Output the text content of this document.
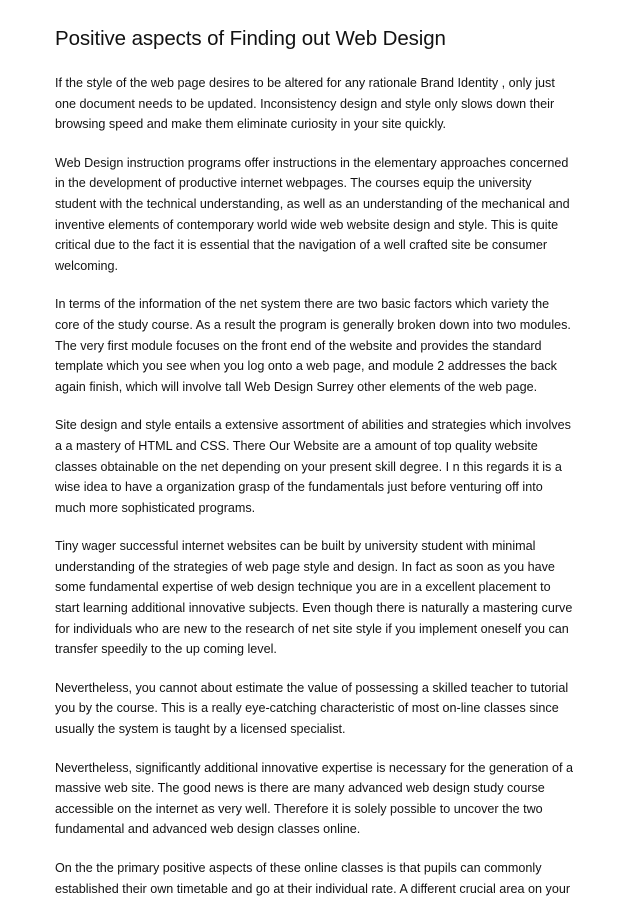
Positive aspects of Finding out Web Design
If the style of the web page desires to be altered for any rationale Brand Identity , only just
one document needs to be updated. Inconsistency design and style only slows down their
browsing speed and make them eliminate curiosity in your site quickly.
Web Design instruction programs offer instructions in the elementary approaches concerned
in the development of productive internet webpages. The courses equip the university
student with the technical understanding, as well as an understanding of the mechanical and
inventive elements of contemporary world wide web website design and style. This is quite
critical due to the fact it is essential that the navigation of a well crafted site be consumer
welcoming.
In terms of the information of the net system there are two basic factors which variety the
core of the study course. As a result the program is generally broken down into two modules.
The very first module focuses on the front end of the website and provides the standard
template which you see when you log onto a web page, and module 2 addresses the back
again finish, which will involve tall Web Design Surrey other elements of the web page.
Site design and style entails a extensive assortment of abilities and strategies which involves
a a mastery of HTML and CSS. There Our Website are a amount of top quality website
classes obtainable on the net depending on your present skill degree. I n this regards it is a
wise idea to have a organization grasp of the fundamentals just before venturing off into
much more sophisticated programs.
Tiny wager successful internet websites can be built by university student with minimal
understanding of the strategies of web page style and design. In fact as soon as you have
some fundamental expertise of web design technique you are in a excellent placement to
start learning additional innovative subjects. Even though there is naturally a mastering curve
for individuals who are new to the research of net site style if you implement oneself you can
transfer speedily to the up coming level.
Nevertheless, you cannot about estimate the value of possessing a skilled teacher to tutorial
you by the course. This is a really eye-catching characteristic of most on-line classes since
usually the system is taught by a licensed specialist.
Nevertheless, significantly additional innovative expertise is necessary for the generation of a
massive web site. The good news is there are many advanced web design study course
accessible on the internet as very well. Therefore it is solely possible to uncover the two
fundamental and advanced web design classes online.
On the the primary positive aspects of these online classes is that pupils can commonly
established their own timetable and go at their individual rate. A different crucial area on your
